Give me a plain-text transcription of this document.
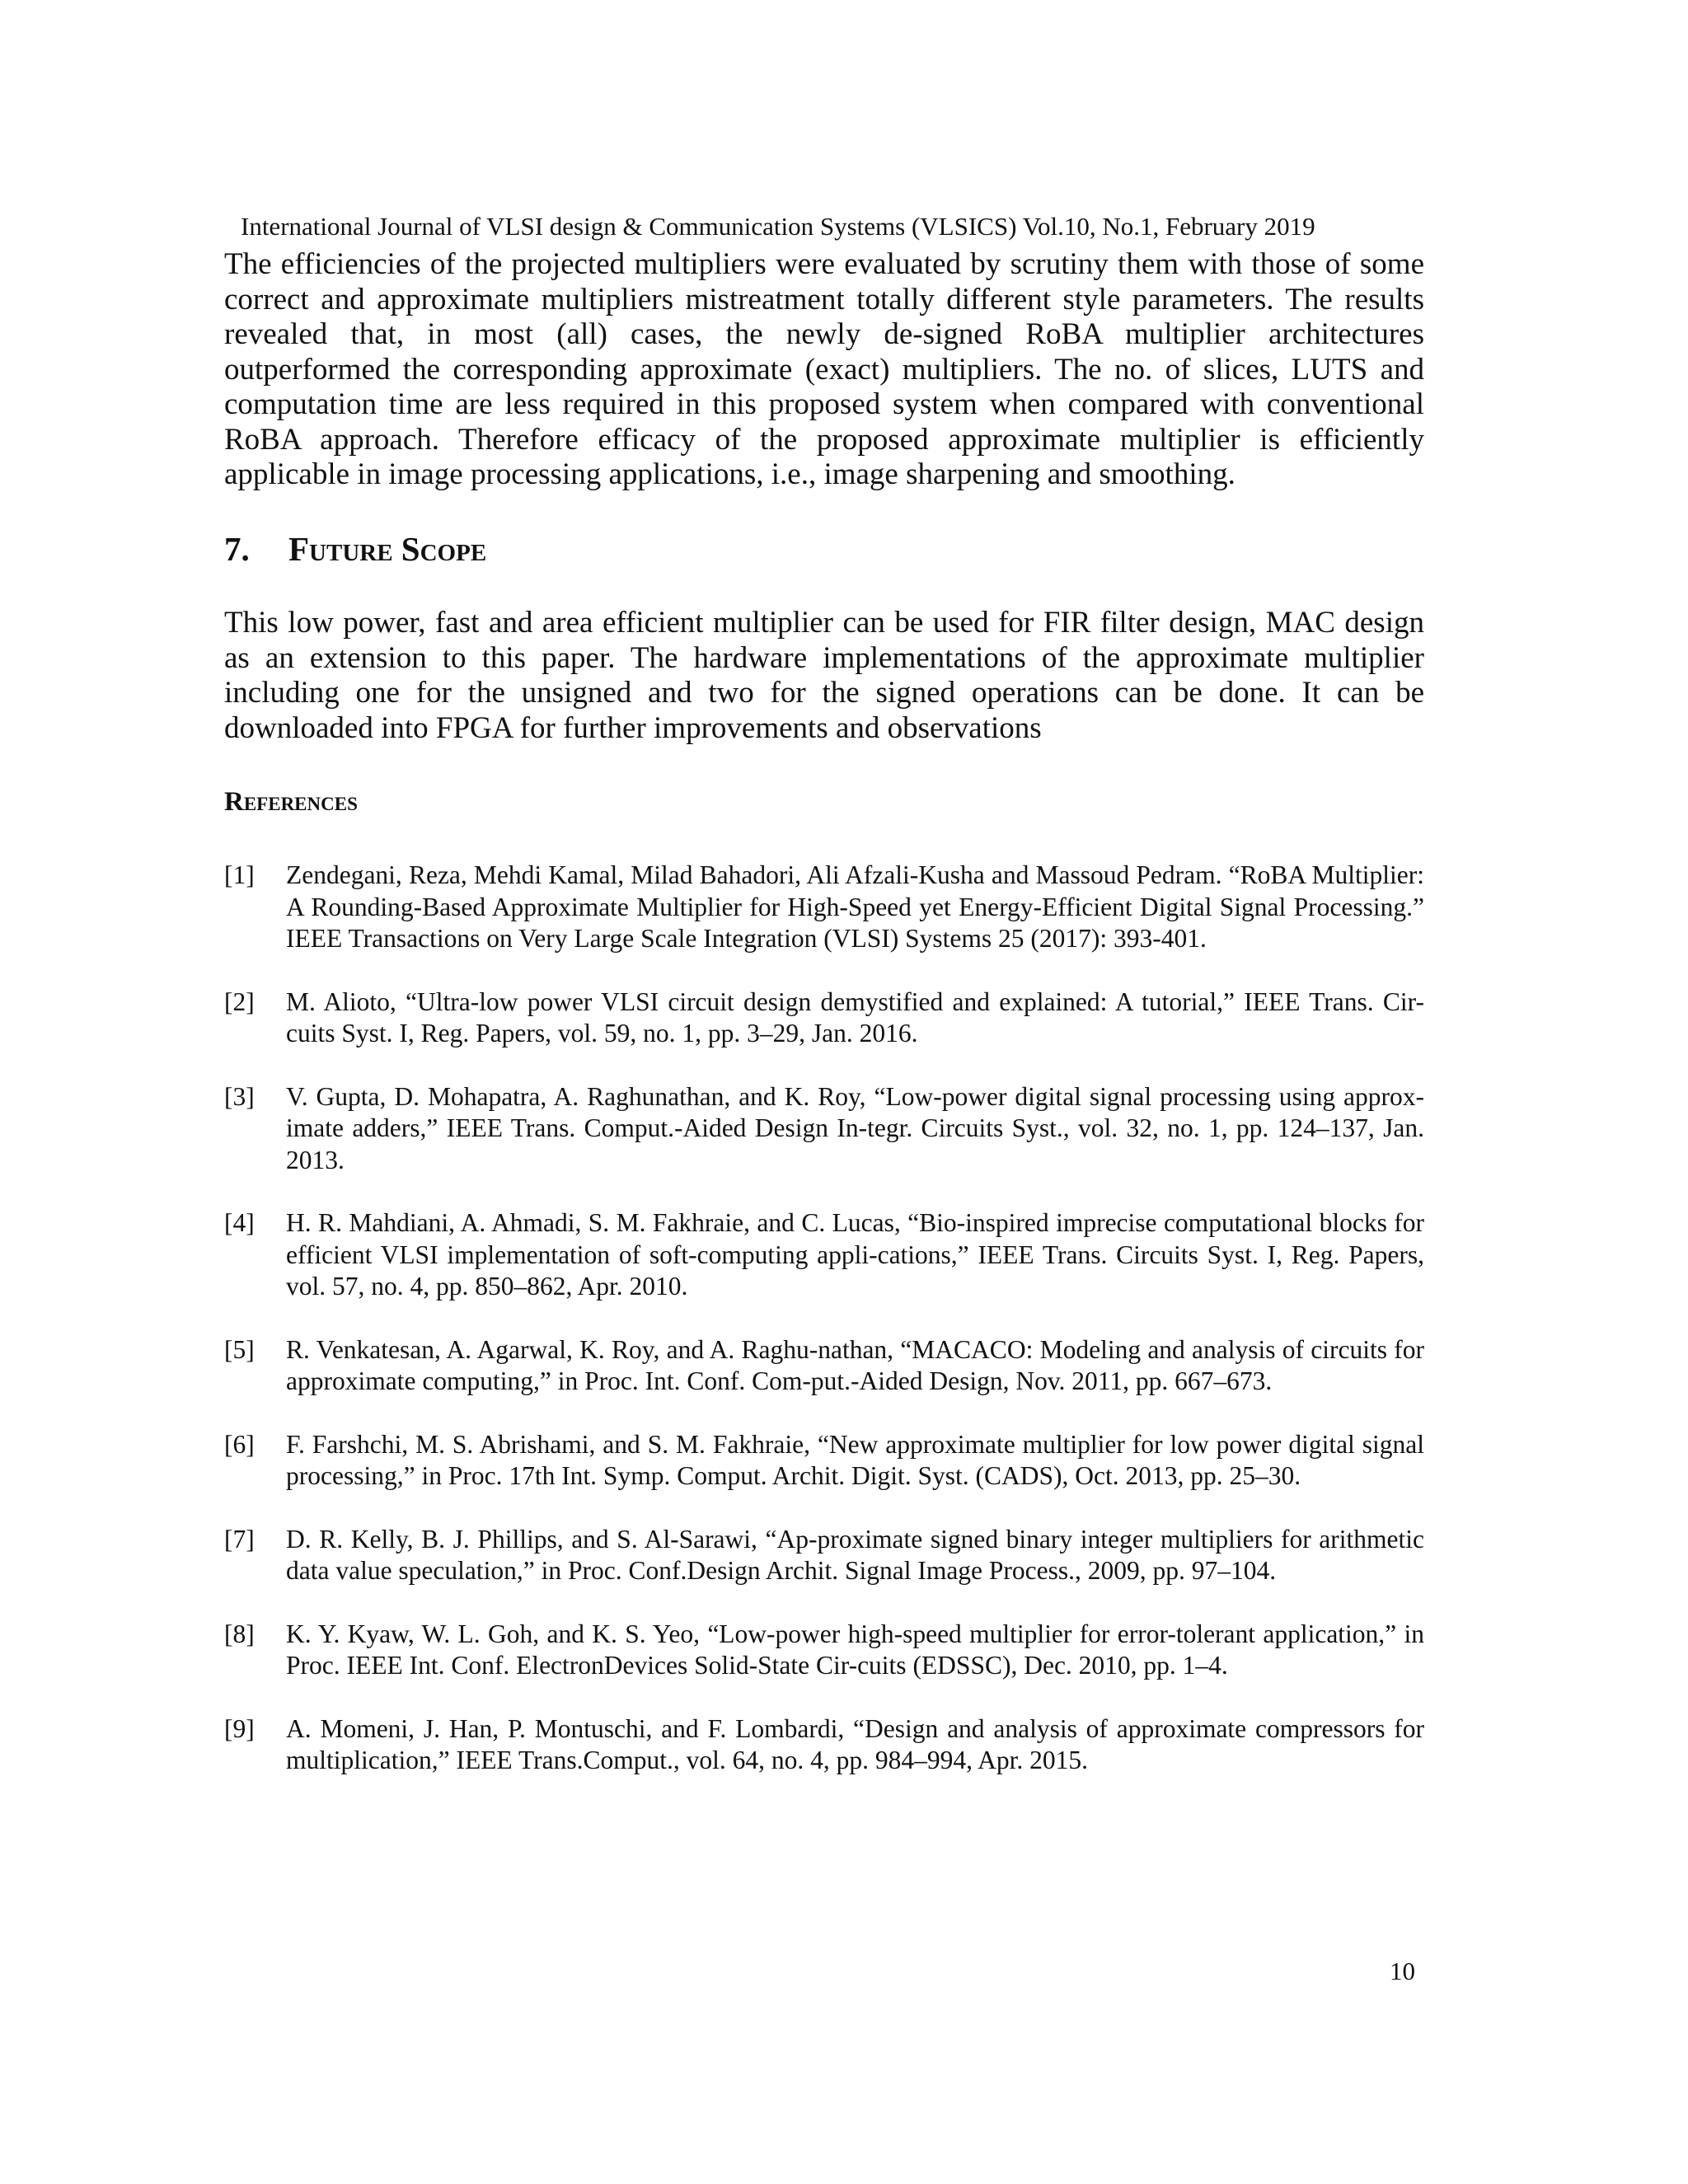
International Journal of VLSI design & Communication Systems (VLSICS) Vol.10, No.1, February 2019

The efficiencies of the projected multipliers were evaluated by scrutiny them with those of some correct and approximate multipliers mistreatment totally different style parameters. The results revealed that, in most (all) cases, the newly de-signed RoBA multiplier architectures outperformed the corresponding approximate (exact) multipliers. The no. of slices, LUTS and computation time are less required in this proposed system when compared with conventional RoBA approach. Therefore efficacy of the proposed approximate multiplier is efficiently applicable in image processing applications, i.e., image sharpening and smoothing.

7. Future Scope

This low power, fast and area efficient multiplier can be used for FIR filter design, MAC design as an extension to this paper. The hardware implementations of the approximate multiplier including one for the unsigned and two for the signed operations can be done. It can be downloaded into FPGA for further improvements and observations

References
[1] Zendegani, Reza, Mehdi Kamal, Milad Bahadori, Ali Afzali-Kusha and Massoud Pedram. “RoBA Multiplier: A Rounding-Based Approximate Multiplier for High-Speed yet Energy-Efficient Digital Signal Processing.” IEEE Transactions on Very Large Scale Integration (VLSI) Systems 25 (2017): 393-401.
[2] M. Alioto, “Ultra-low power VLSI circuit design demystified and explained: A tutorial,” IEEE Trans. Cir-cuits Syst. I, Reg. Papers, vol. 59, no. 1, pp. 3–29, Jan. 2016.
[3] V. Gupta, D. Mohapatra, A. Raghunathan, and K. Roy, “Low-power digital signal processing using approx-imate adders,” IEEE Trans. Comput.-Aided Design In-tegr. Circuits Syst., vol. 32, no. 1, pp. 124–137, Jan. 2013.
[4] H. R. Mahdiani, A. Ahmadi, S. M. Fakhraie, and C. Lucas, “Bio-inspired imprecise computational blocks for efficient VLSI implementation of soft-computing appli-cations,” IEEE Trans. Circuits Syst. I, Reg. Papers, vol. 57, no. 4, pp. 850–862, Apr. 2010.
[5] R. Venkatesan, A. Agarwal, K. Roy, and A. Raghu-nathan, “MACACO: Modeling and analysis of circuits for approximate computing,” in Proc. Int. Conf. Com-put.-Aided Design, Nov. 2011, pp. 667–673.
[6] F. Farshchi, M. S. Abrishami, and S. M. Fakhraie, “New approximate multiplier for low power digital signal processing,” in Proc. 17th Int. Symp. Comput. Archit. Digit. Syst. (CADS), Oct. 2013, pp. 25–30.
[7] D. R. Kelly, B. J. Phillips, and S. Al-Sarawi, “Ap-proximate signed binary integer multipliers for arithmetic data value speculation,” in Proc. Conf.Design Archit. Signal Image Process., 2009, pp. 97–104.
[8] K. Y. Kyaw, W. L. Goh, and K. S. Yeo, “Low-power high-speed multiplier for error-tolerant application,” in Proc. IEEE Int. Conf. ElectronDevices Solid-State Cir-cuits (EDSSC), Dec. 2010, pp. 1–4.
[9] A. Momeni, J. Han, P. Montuschi, and F. Lombardi, “Design and analysis of approximate compressors for multiplication,” IEEE Trans.Comput., vol. 64, no. 4, pp. 984–994, Apr. 2015.
10
